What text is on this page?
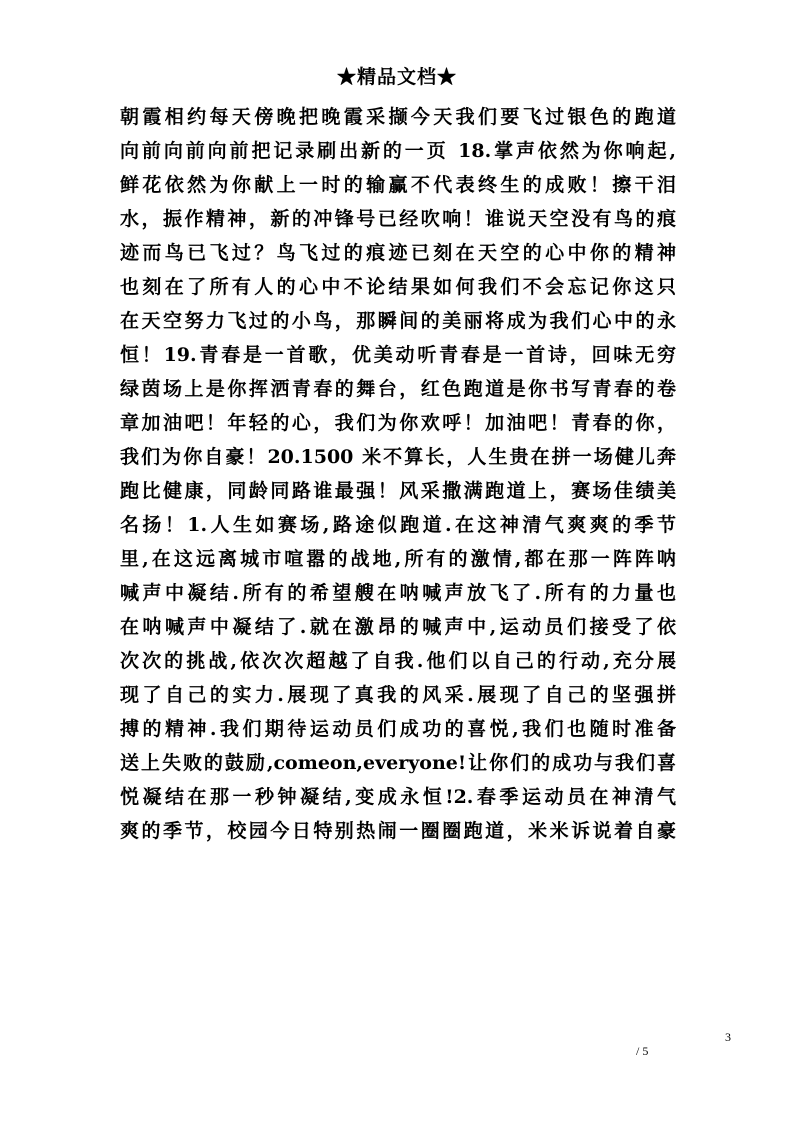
★精品文档★
朝霞相约每天傍晚把晚霞采撷今天我们要飞过银色的跑道
向前向前向前把记录刷出新的一页 18.掌声依然为你响起,
鲜花依然为你献上一时的输赢不代表终生的成败！擦干泪
水，振作精神，新的冲锋号已经吹响！谁说天空没有鸟的痕
迹而鸟已飞过？鸟飞过的痕迹已刻在天空的心中你的精神
也刻在了所有人的心中不论结果如何我们不会忘记你这只
在天空努力飞过的小鸟，那瞬间的美丽将成为我们心中的永
恒！19.青春是一首歌，优美动听青春是一首诗，回味无穷
绿茵场上是你挥洒青春的舞台，红色跑道是你书写青春的卷
章加油吧！年轻的心，我们为你欢呼！加油吧！青春的你，
我们为你自豪！20.1500 米不算长，人生贵在拼一场健儿奔
跑比健康，同龄同路谁最强！风采撒满跑道上，赛场佳绩美
名扬！1.人生如赛场,路途似跑道.在这神清气爽爽的季节
里,在这远离城市喧嚣的战地,所有的激情,都在那一阵阵呐
喊声中凝结.所有的希望艘在呐喊声放飞了.所有的力量也
在呐喊声中凝结了.就在激昂的喊声中,运动员们接受了依
次次的挑战,依次次超越了自我.他们以自己的行动,充分展
现了自己的实力.展现了真我的风采.展现了自己的坚强拼
搏的精神.我们期待运动员们成功的喜悦,我们也随时准备
送上失败的鼓励,comeon,everyone!让你们的成功与我们喜
悦凝结在那一秒钟凝结,变成永恒!2.春季运动员在神清气
爽的季节，校园今日特别热闹一圈圈跑道，米米诉说着自豪
3
/ 5
